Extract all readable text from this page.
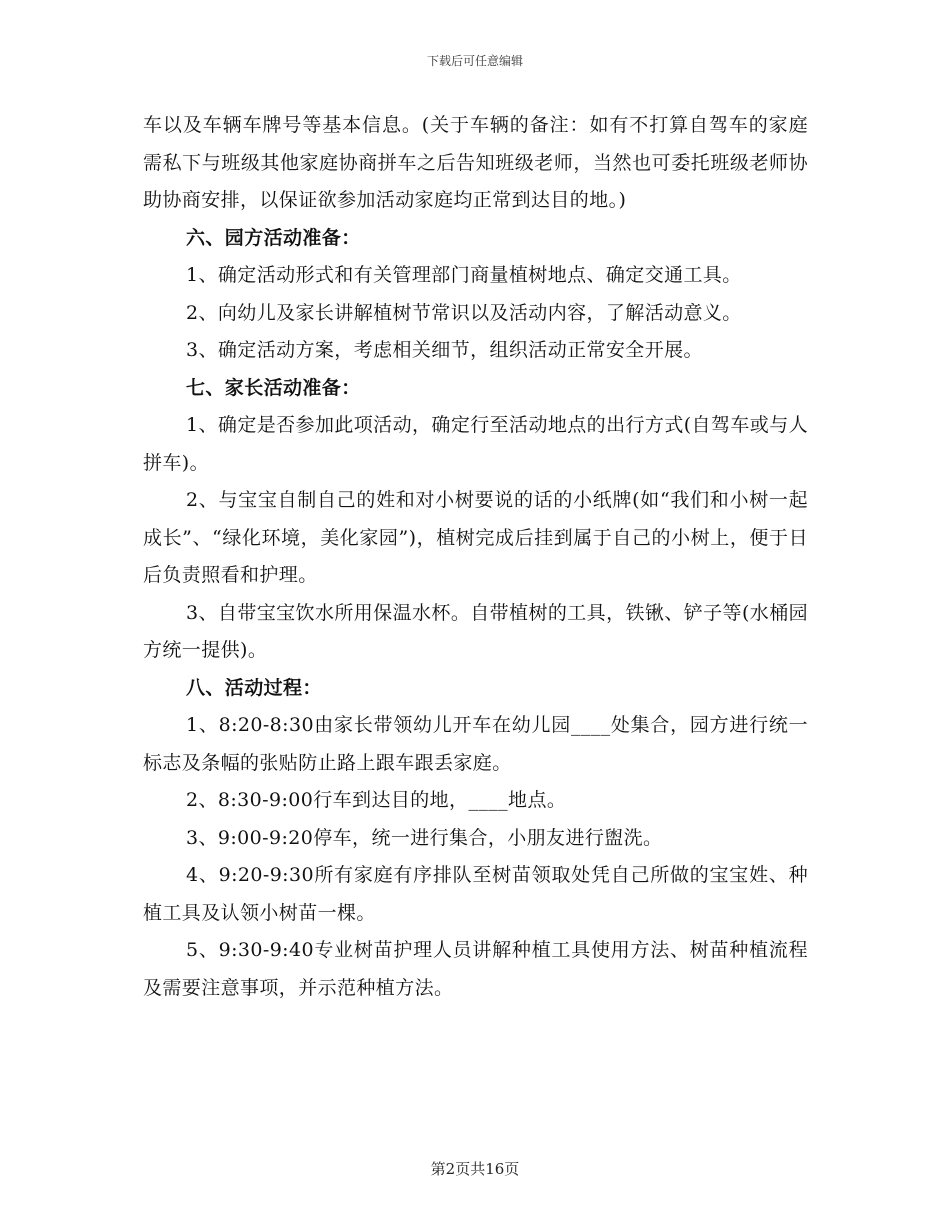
下载后可任意编辑

车以及车辆车牌号等基本信息。(关于车辆的备注：如有不打算自驾车的家庭需私下与班级其他家庭协商拼车之后告知班级老师，当然也可委托班级老师协助协商安排，以保证欲参加活动家庭均正常到达目的地。)

六、园方活动准备：

1、确定活动形式和有关管理部门商量植树地点、确定交通工具。

2、向幼儿及家长讲解植树节常识以及活动内容，了解活动意义。

3、确定活动方案，考虑相关细节，组织活动正常安全开展。

七、家长活动准备：

1、确定是否参加此项活动，确定行至活动地点的出行方式(自驾车或与人拼车)。

2、与宝宝自制自己的姓和对小树要说的话的小纸牌(如“我们和小树一起成长”、“绿化环境，美化家园”)，植树完成后挂到属于自己的小树上，便于日后负责照看和护理。

3、自带宝宝饮水所用保温水杯。自带植树的工具，铁锹、铲子等(水桶园方统一提供)。

八、活动过程：

1、8:20-8:30由家长带领幼儿开车在幼儿园____处集合，园方进行统一标志及条幅的张贴防止路上跟车跟丢家庭。

2、8:30-9:00行车到达目的地，____地点。

3、9:00-9:20停车，统一进行集合，小朋友进行盥洗。

4、9:20-9:30所有家庭有序排队至树苗领取处凭自己所做的宝宝姓、种植工具及认领小树苗一棵。

5、9:30-9:40专业树苗护理人员讲解种植工具使用方法、树苗种植流程及需要注意事项，并示范种植方法。

第2页共16页
